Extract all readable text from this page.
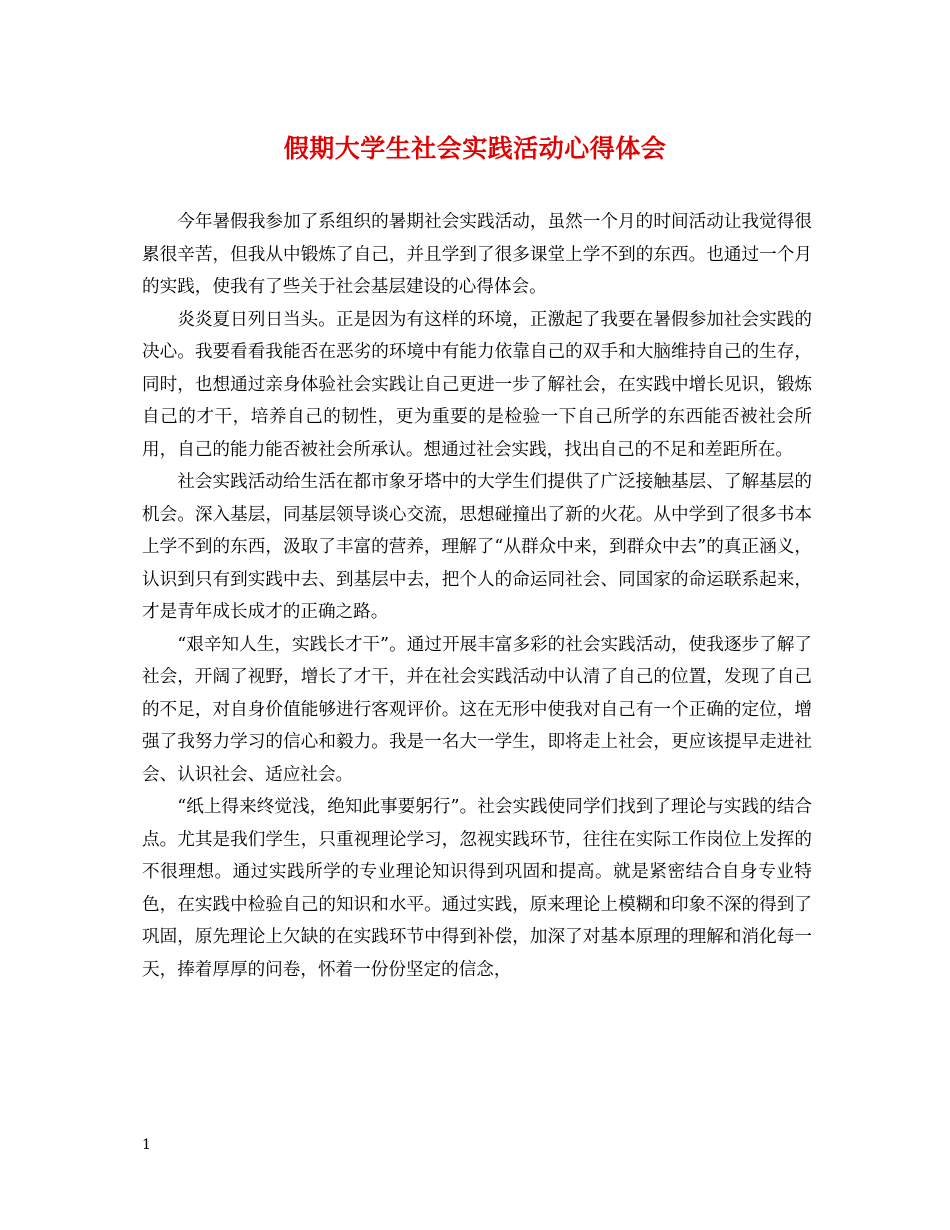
假期大学生社会实践活动心得体会

今年暑假我参加了系组织的暑期社会实践活动，虽然一个月的时间活动让我觉得很累很辛苦，但我从中锻炼了自己，并且学到了很多课堂上学不到的东西。也通过一个月的实践，使我有了些关于社会基层建设的心得体会。

炎炎夏日列日当头。正是因为有这样的环境，正激起了我要在暑假参加社会实践的决心。我要看看我能否在恶劣的环境中有能力依靠自己的双手和大脑维持自己的生存，同时，也想通过亲身体验社会实践让自己更进一步了解社会，在实践中增长见识，锻炼自己的才干，培养自己的韧性，更为重要的是检验一下自己所学的东西能否被社会所用，自己的能力能否被社会所承认。想通过社会实践，找出自己的不足和差距所在。

社会实践活动给生活在都市象牙塔中的大学生们提供了广泛接触基层、了解基层的机会。深入基层，同基层领导谈心交流，思想碰撞出了新的火花。从中学到了很多书本上学不到的东西，汲取了丰富的营养，理解了“从群众中来，到群众中去”的真正涵义，认识到只有到实践中去、到基层中去，把个人的命运同社会、同国家的命运联系起来，才是青年成长成才的正确之路。

“艰辛知人生，实践长才干”。通过开展丰富多彩的社会实践活动，使我逐步了解了社会，开阔了视野，增长了才干，并在社会实践活动中认清了自己的位置，发现了自己的不足，对自身价值能够进行客观评价。这在无形中使我对自己有一个正确的定位，增强了我努力学习的信心和毅力。我是一名大一学生，即将走上社会，更应该提早走进社会、认识社会、适应社会。

“纸上得来终觉浅，绝知此事要躬行”。社会实践使同学们找到了理论与实践的结合点。尤其是我们学生，只重视理论学习，忽视实践环节，往往在实际工作岗位上发挥的不很理想。通过实践所学的专业理论知识得到巩固和提高。就是紧密结合自身专业特色，在实践中检验自己的知识和水平。通过实践，原来理论上模糊和印象不深的得到了巩固，原先理论上欠缺的在实践环节中得到补偿，加深了对基本原理的理解和消化每一天，捧着厚厚的问卷，怀着一份份坚定的信念，

1
